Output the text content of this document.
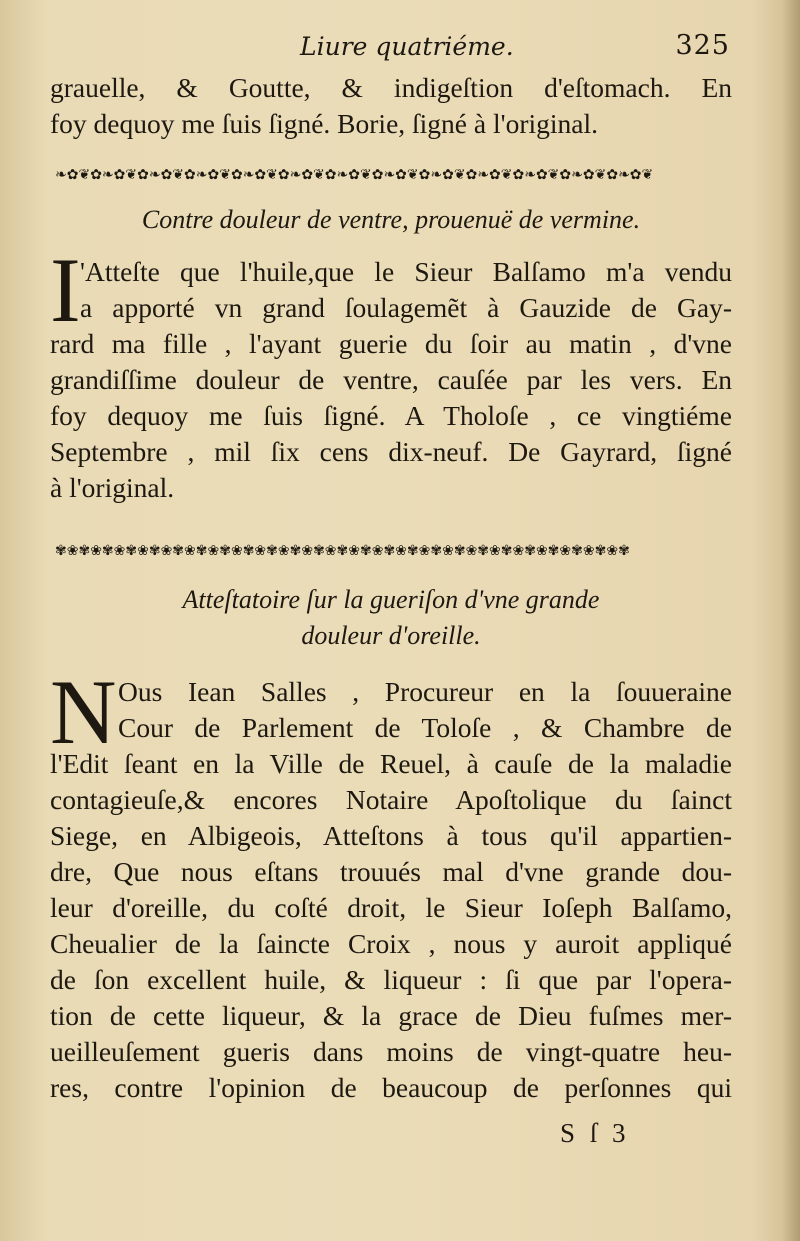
Liure quatriéme.	325
grauelle, & Goutte, & indigeſtion d'eſtomach. En
foy dequoy me ſuis ſigné. Borie, ſigné à l'original.
❧✿❦✿❧✿❦✿❧✿❦✿❧✿❦✿❧✿❦✿❧✿❦✿❧✿❦✿❧✿❦✿❧✿❦✿❧✿❦✿❧✿❦✿❧✿❦✿❧✿❦
Contre douleur de ventre, prouenuë de vermine.
I 'Atteſte que l'huile,que le Sieur Balſamo m'a vendu
a apporté vn grand ſoulagemẽt à Gauzide de Gay-
rard ma fille , l'ayant guerie du ſoir au matin , d'vne
grandiſſime douleur de ventre, cauſée par les vers. En
foy dequoy me ſuis ſigné. A Tholoſe , ce vingtiéme
Septembre , mil ſix cens dix-neuf. De Gayrard, ſigné
à l'original.
✾❀✾❀✾❀✾❀✾❀✾❀✾❀✾❀✾❀✾❀✾❀✾❀✾❀✾❀✾❀✾❀✾❀✾❀✾❀✾❀✾❀✾❀✾❀✾❀✾
Atteſtatoire ſur la gueriſon d'vne grande
douleur d'oreille.
N Ous Iean Salles , Procureur en la ſouueraine
Cour de Parlement de Toloſe , & Chambre de
l'Edit ſeant en la Ville de Reuel, à cauſe de la maladie
contagieuſe,& encores Notaire Apoſtolique du ſainct
Siege, en Albigeois, Atteſtons à tous qu'il appartien-
dre, Que nous eſtans trouués mal d'vne grande dou-
leur d'oreille, du coſté droit, le Sieur Ioſeph Balſamo,
Cheualier de la ſaincte Croix , nous y auroit appliqué
de ſon excellent huile, & liqueur : ſi que par l'opera-
tion de cette liqueur, & la grace de Dieu fuſmes mer-
ueilleuſement gueris dans moins de vingt-quatre heu-
res, contre l'opinion de beaucoup de perſonnes qui
S ſ 3
